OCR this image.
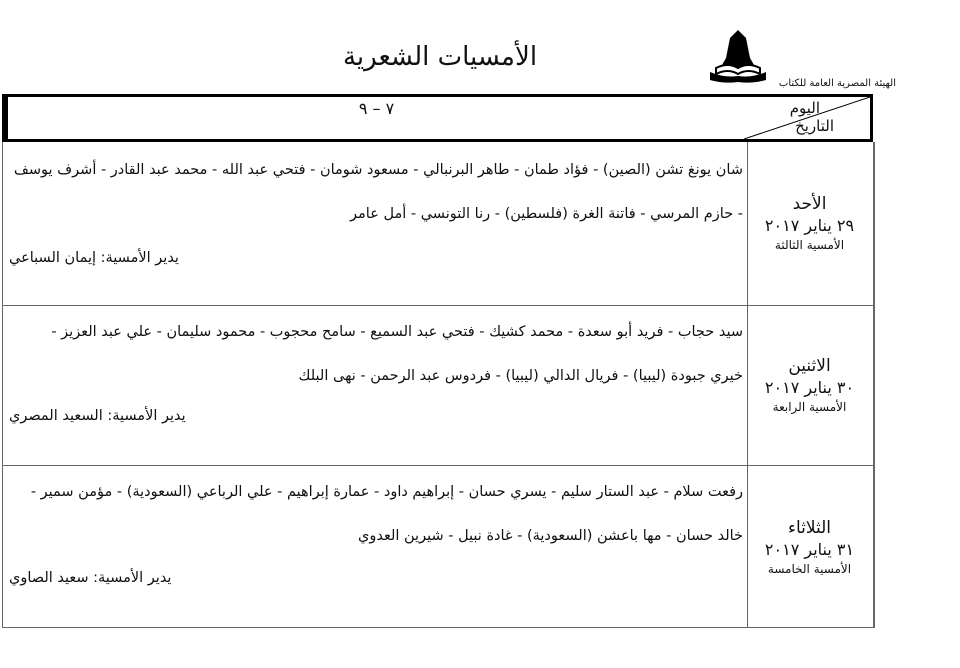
الأمسيات الشعرية
الهيئة المصرية العامة للكتاب
٧ – ٩	اليوم
التاريخ
شان يونغ تشن (الصين) - فؤاد طمان - طاهر البرنبالي - مسعود شومان - فتحي عبد الله - محمد عبد القادر - أشرف يوسف
- حازم المرسي - فاتنة الغرة (فلسطين) - رنا التونسي - أمل عامر
يدير الأمسية: إيمان السباعي
الأحد
٢٩ يناير ٢٠١٧
الأمسية الثالثة
سيد حجاب - فريد أبو سعدة - محمد كشيك - فتحي عبد السميع - سامح محجوب - محمود سليمان - علي عبد العزيز -
خيري جبودة (ليبيا) - فريال الدالي (ليبيا) - فردوس عبد الرحمن - نهى البلك
يدير الأمسية: السعيد المصري
الاثنين
٣٠ يناير ٢٠١٧
الأمسية الرابعة
رفعت سلام - عبد الستار سليم - يسري حسان - إبراهيم داود - عمارة إبراهيم - علي الرباعي (السعودية) - مؤمن سمير -
خالد حسان - مها باعشن (السعودية) - غادة نبيل - شيرين العدوي
يدير الأمسية: سعيد الصاوي
الثلاثاء
٣١ يناير ٢٠١٧
الأمسية الخامسة
